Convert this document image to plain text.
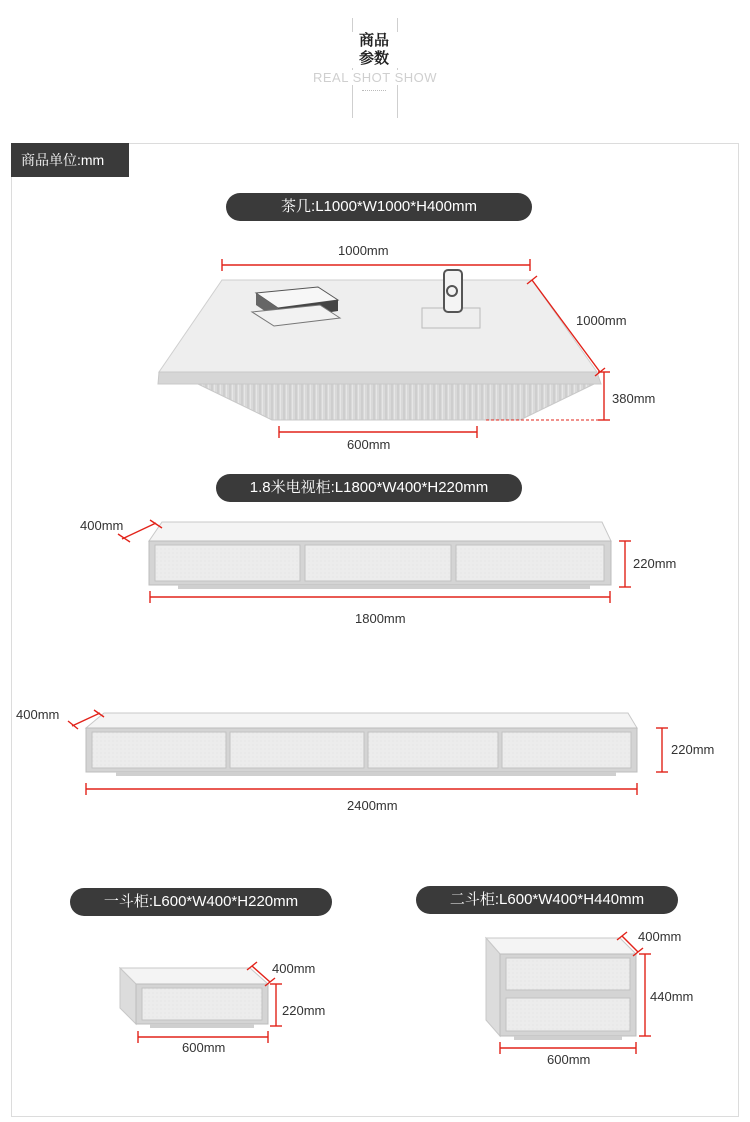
商品
参数
REAL SHOT SHOW
商品单位:mm
茶几:L1000*W1000*H400mm
1.8米电视柜:L1800*W400*H220mm
一斗柜:L600*W400*H220mm	二斗柜:L600*W400*H440mm
1000mm
1000mm
380mm
600mm
400mm
220mm
1800mm
400mm
220mm
2400mm
400mm
220mm
600mm
400mm
440mm
600mm
